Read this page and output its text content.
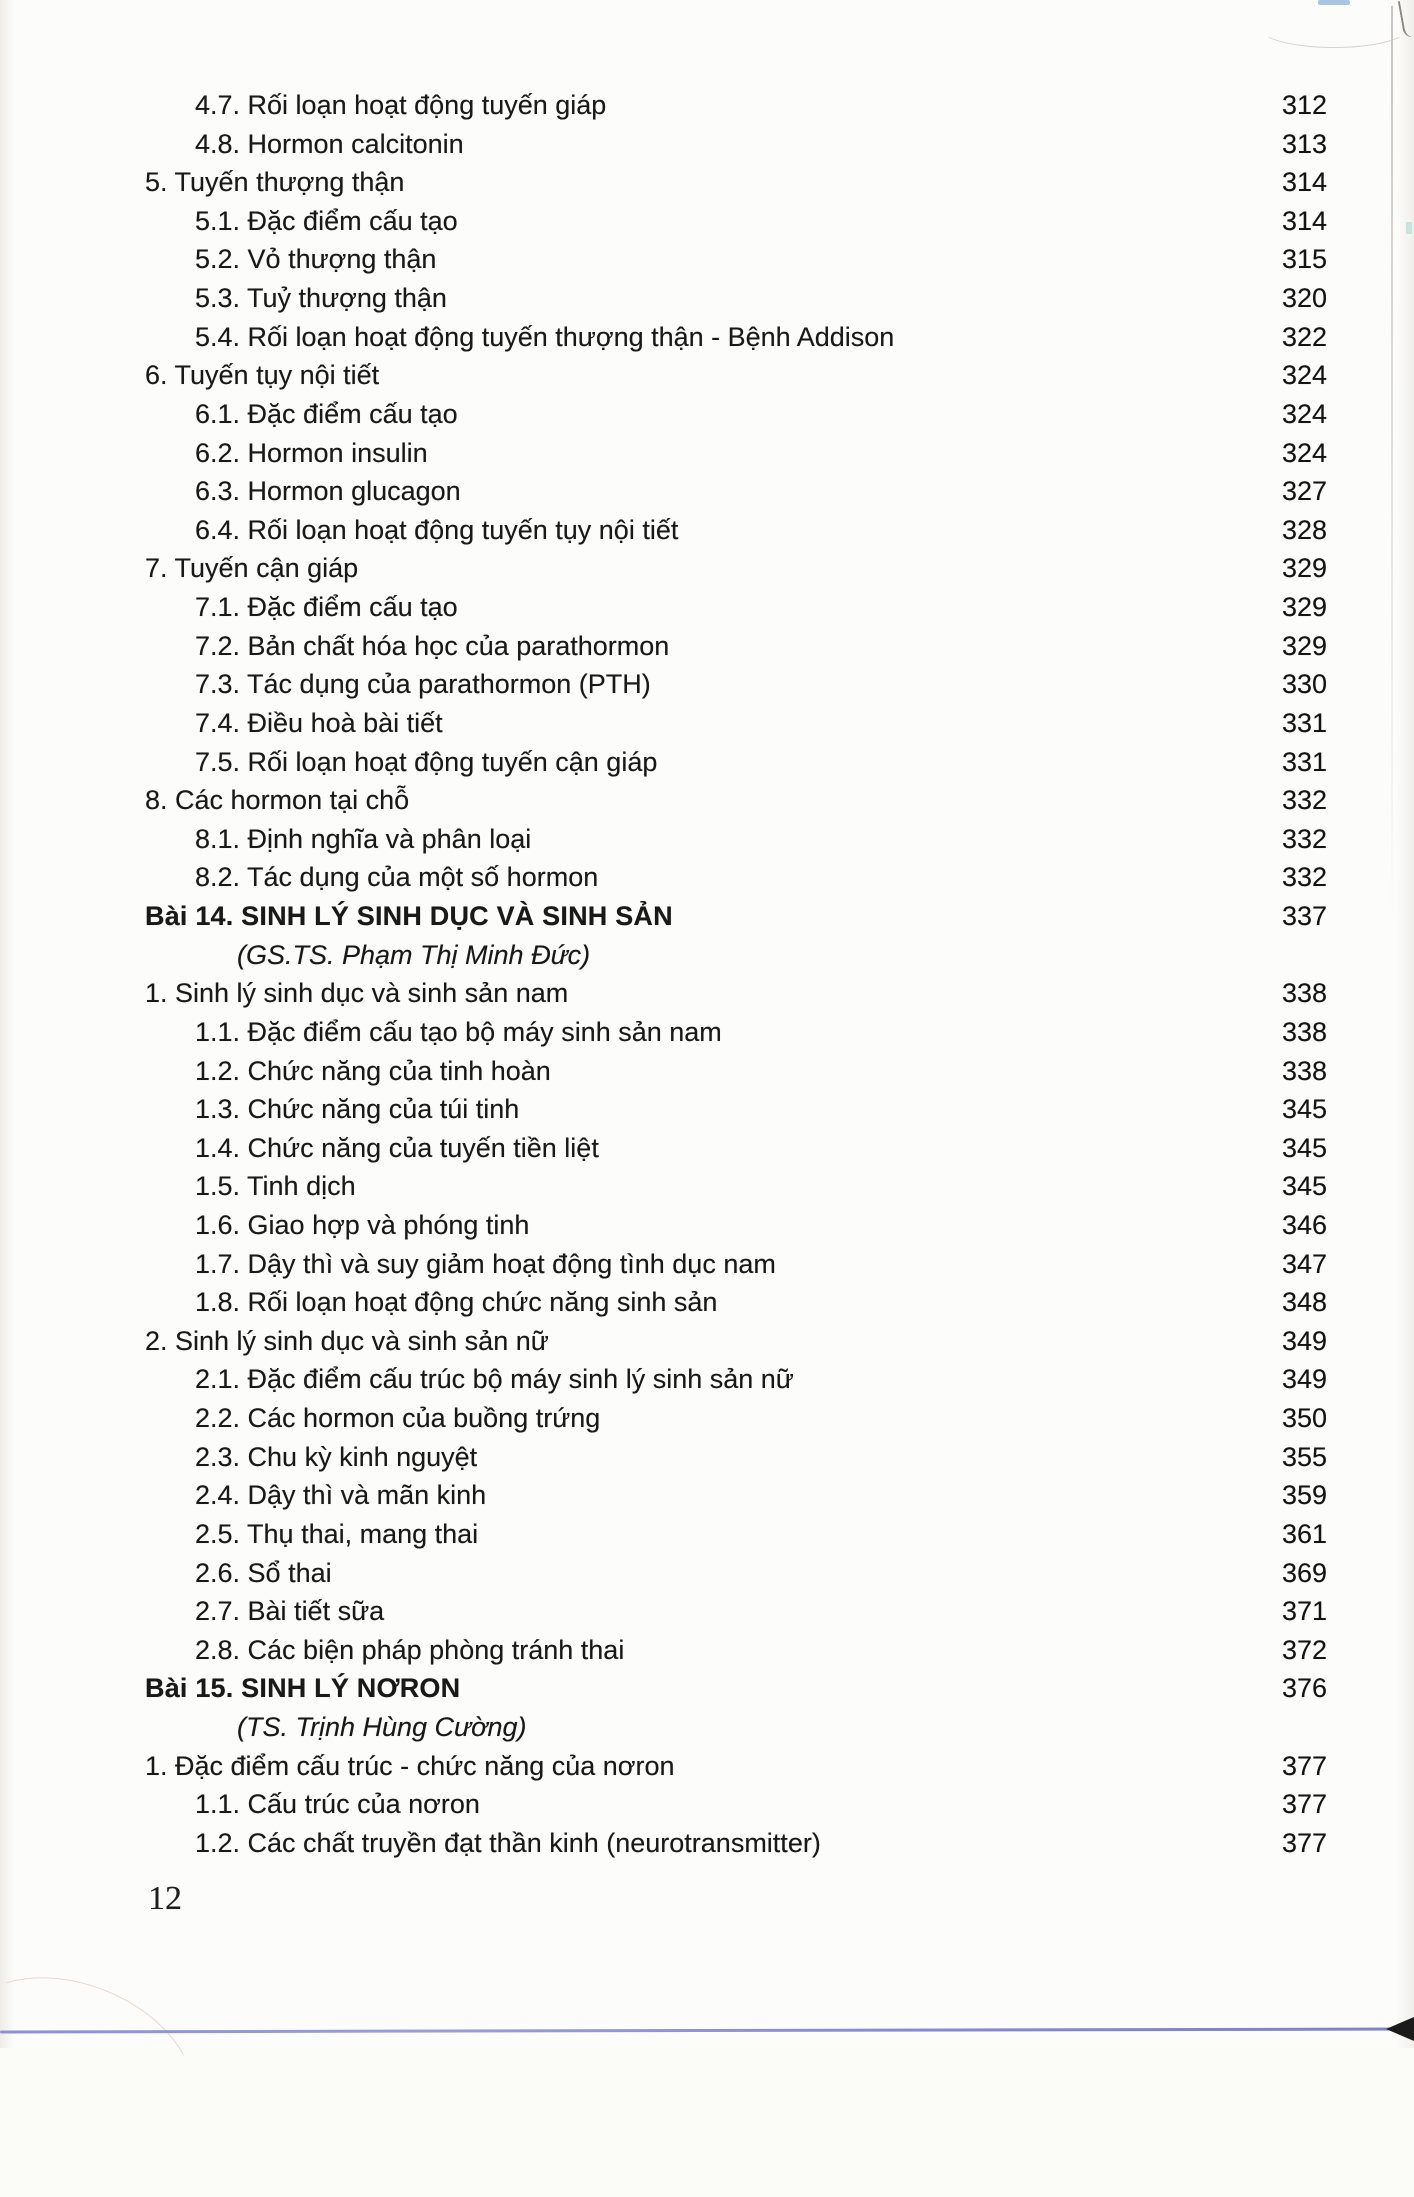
4.7. Rối loạn hoạt động tuyến giáp	312
4.8. Hormon calcitonin	313
5. Tuyến thượng thận	314
5.1. Đặc điểm cấu tạo	314
5.2. Vỏ thượng thận	315
5.3. Tuỷ thượng thận	320
5.4. Rối loạn hoạt động tuyến thượng thận - Bệnh Addison	322
6. Tuyến tụy nội tiết	324
6.1. Đặc điểm cấu tạo	324
6.2. Hormon insulin	324
6.3. Hormon glucagon	327
6.4. Rối loạn hoạt động tuyến tụy nội tiết	328
7. Tuyến cận giáp	329
7.1. Đặc điểm cấu tạo	329
7.2. Bản chất hóa học của parathormon	329
7.3. Tác dụng của parathormon (PTH)	330
7.4. Điều hoà bài tiết	331
7.5. Rối loạn hoạt động tuyến cận giáp	331
8. Các hormon tại chỗ	332
8.1. Định nghĩa và phân loại	332
8.2. Tác dụng của một số hormon	332
Bài 14. SINH LÝ SINH DỤC VÀ SINH SẢN	337
(GS.TS. Phạm Thị Minh Đức)
1. Sinh lý sinh dục và sinh sản nam	338
1.1. Đặc điểm cấu tạo bộ máy sinh sản nam	338
1.2. Chức năng của tinh hoàn	338
1.3. Chức năng của túi tinh	345
1.4. Chức năng của tuyến tiền liệt	345
1.5. Tinh dịch	345
1.6. Giao hợp và phóng tinh	346
1.7. Dậy thì và suy giảm hoạt động tình dục nam	347
1.8. Rối loạn hoạt động chức năng sinh sản	348
2. Sinh lý sinh dục và sinh sản nữ	349
2.1. Đặc điểm cấu trúc bộ máy sinh lý sinh sản nữ	349
2.2. Các hormon của buồng trứng	350
2.3. Chu kỳ kinh nguyệt	355
2.4. Dậy thì và mãn kinh	359
2.5. Thụ thai, mang thai	361
2.6. Sổ thai	369
2.7. Bài tiết sữa	371
2.8. Các biện pháp phòng tránh thai	372
Bài 15. SINH LÝ NƠRON	376
(TS. Trịnh Hùng Cường)
1. Đặc điểm cấu trúc - chức năng của nơron	377
1.1. Cấu trúc của nơron	377
1.2. Các chất truyền đạt thần kinh (neurotransmitter)	377
12
